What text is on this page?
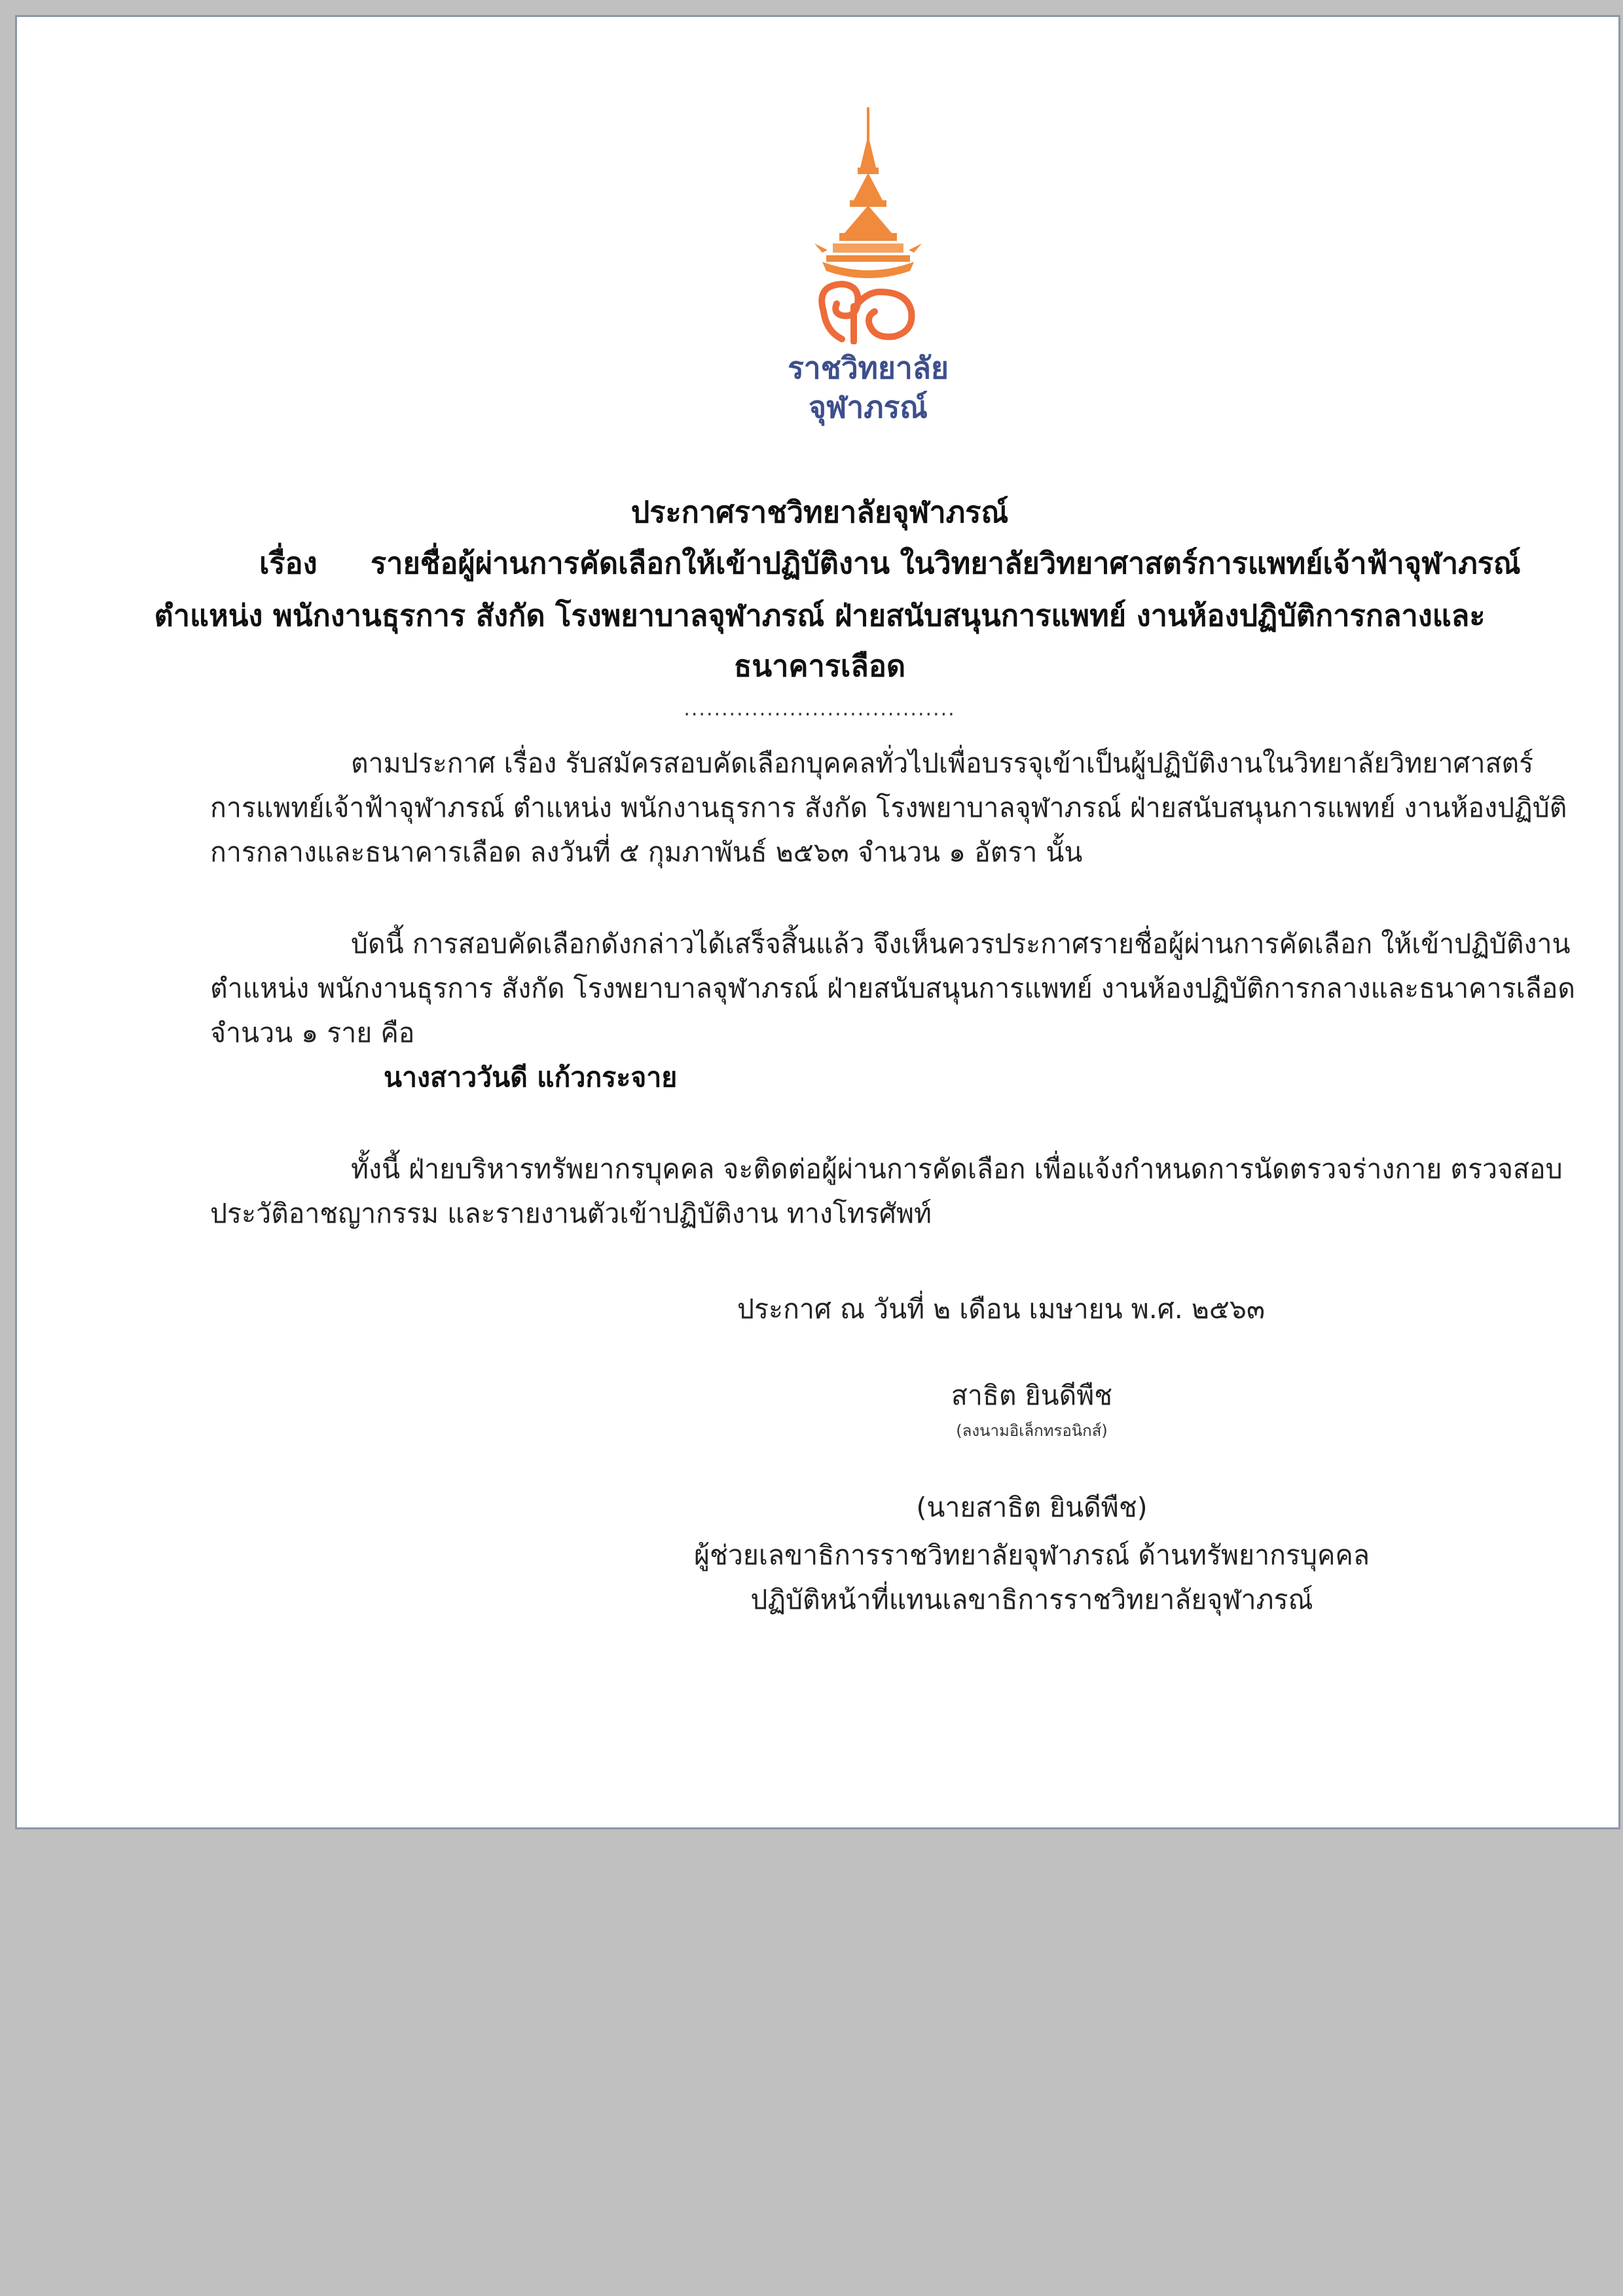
ราชวิทยาลัย
จุฬาภรณ์
ประกาศราชวิทยาลัยจุฬาภรณ์
เรื่อง รายชื่อผู้ผ่านการคัดเลือกให้เข้าปฏิบัติงาน ในวิทยาลัยวิทยาศาสตร์การแพทย์เจ้าฟ้าจุฬาภรณ์
ตำแหน่ง พนักงานธุรการ สังกัด โรงพยาบาลจุฬาภรณ์ ฝ่ายสนับสนุนการแพทย์ งานห้องปฏิบัติการกลางและ
ธนาคารเลือด
....................................
ตามประกาศ เรื่อง รับสมัครสอบคัดเลือกบุคคลทั่วไปเพื่อบรรจุเข้าเป็นผู้ปฏิบัติงานในวิทยาลัยวิทยาศาสตร์
การแพทย์เจ้าฟ้าจุฬาภรณ์ ตำแหน่ง พนักงานธุรการ สังกัด โรงพยาบาลจุฬาภรณ์ ฝ่ายสนับสนุนการแพทย์ งานห้องปฏิบัติ
การกลางและธนาคารเลือด ลงวันที่ ๕ กุมภาพันธ์ ๒๕๖๓ จำนวน ๑ อัตรา นั้น
บัดนี้ การสอบคัดเลือกดังกล่าวได้เสร็จสิ้นแล้ว จึงเห็นควรประกาศรายชื่อผู้ผ่านการคัดเลือก ให้เข้าปฏิบัติงาน
ตำแหน่ง พนักงานธุรการ สังกัด โรงพยาบาลจุฬาภรณ์ ฝ่ายสนับสนุนการแพทย์ งานห้องปฏิบัติการกลางและธนาคารเลือด
จำนวน ๑ ราย คือ
นางสาววันดี แก้วกระจาย
ทั้งนี้ ฝ่ายบริหารทรัพยากรบุคคล จะติดต่อผู้ผ่านการคัดเลือก เพื่อแจ้งกำหนดการนัดตรวจร่างกาย ตรวจสอบ
ประวัติอาชญากรรม และรายงานตัวเข้าปฏิบัติงาน ทางโทรศัพท์
ประกาศ ณ วันที่ ๒ เดือน เมษายน พ.ศ. ๒๕๖๓
สาธิต ยินดีพืช
(ลงนามอิเล็กทรอนิกส์)
(นายสาธิต ยินดีพืช)
ผู้ช่วยเลขาธิการราชวิทยาลัยจุฬาภรณ์ ด้านทรัพยากรบุคคล
ปฏิบัติหน้าที่แทนเลขาธิการราชวิทยาลัยจุฬาภรณ์
